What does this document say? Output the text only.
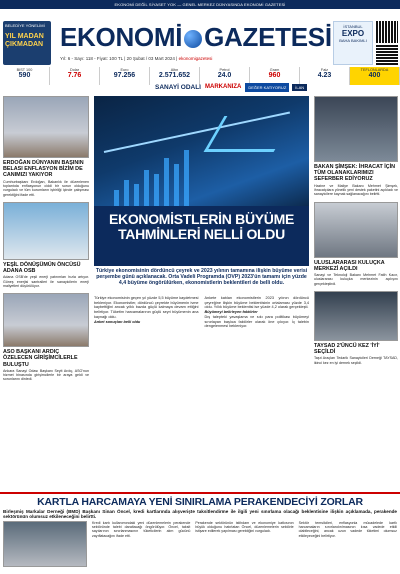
EKONOMİ DEĞİL SİYASET YOK — GENEL MERKEZ DÜNYASINDA EKONOMİ GAZETESİ
BELEDİYE YÖNELİMİ
YIL MADAN ÇIKMADAN EKONOMİ GAZETESİ
Yıl: 6 - Sayı: 118 - Fiyat: 100 TL | 20 Şubat / 03 Mart 2024 | ekonomigazetesi
İSTANBUL
EXPO
BAHA BAKIMLI
BIST 100
590
Dolar
7.76
Euro
97.256
Altın
2.571.652
Petrol
24.0
Gram
960
Faiz
4.23
TEFLONLARDA
400
SANAYİ ODALI MARKANIZA	DEĞER KATIYORUZ	İLAN
ERDOĞAN DÜNYANIN BAŞININ BELASI ENFLASYON BİZİM DE CANIMIZI YAKIYOR
Cumhurbaşkanı Erdoğan, Bakanlık ile düzenlenen toplantıda enflasyonun ciddi bir sorun olduğunu vurguladı ve tüm kurumların işbirliği içinde çalışması gerektiğini ifade etti.
YEŞİL DÖNÜŞÜMÜN ÖNCÜSÜ ADANA OSB
Adana OSB'de yeşil enerji yatırımları hızla artıyor. Güneş enerjisi santralleri ile sanayicilerin enerji maliyetleri düşürülüyor.
ASO BAŞKANI ARDIÇ ÖZELECEN GİRİŞİMCİLERLE BULUŞTU
Ankara Sanayi Odası Başkanı Seyit Ardıç, ASO'nun hizmet binasında girişimcilerle bir araya geldi ve sorunlarını dinledi.
EKONOMİSTLERİN BÜYÜME TAHMİNLERİ NELLİ OLDU
Türkiye ekonomisinin dördüncü çeyrek ve 2023 yılının tamamına ilişkin büyüme verisi perşembe günü açıklanacak. Orta Vadeli Programda (OVP) 2023'ün tamamı için yüzde 4,4 büyüme öngörülürken, ekonomistlerin beklentileri de belli oldu.
Türkiye ekonomisinin geçen yıl yüzde 5,5 büyüme kaydetmesi bekleniyor. Ekonomistler, dördüncü çeyrekte büyümenin ivme kaybettiğini ancak yıllık bazda güçlü kalmaya devam ettiğini belirtiyor. Tüketim harcamalarının güçlü seyri büyümenin ana kaynağı oldu.
Anket sonuçları belli oldu
Ankete katılan ekonomistlerin 2023 yılının dördüncü çeyreğine ilişkin büyüme beklentisinin ortalaması yüzde 3,4 oldu. Yıllık büyüme beklentisi ise yüzde 4,2 olarak gerçekleşti.
Büyümeyi belirleyen faktörler
Dış talepteki yavaşlama ve sıkı para politikası büyümeyi sınırlayan başlıca faktörler olarak öne çıkıyor. İç talebin dengelenmesi bekleniyor.
BAKAN ŞİMŞEK: İHRACAT İÇİN TÜM OLANAKLARIMIZI SEFERBER EDİYORUZ
Hazine ve Maliye Bakanı Mehmet Şimşek, ihracatçılara yönelik yeni destek paketini açıkladı ve sanayicilere kaynak sağlanacağını belirtti.
ULUSLARARASI KULUÇKA MERKEZİ AÇILDI
Sanayi ve Teknoloji Bakanı Mehmet Fatih Kacır, uluslararası kuluçka merkezinin açılışını gerçekleştirdi.
TAYSAD 2'ÜNCÜ KEZ 'İYİ' SEÇİLDİ
Taşıt Araçları Tedarik Sanayicileri Derneği TAYSAD, ikinci kez en iyi dernek seçildi.
KARTLA HARCAMAYA YENİ SINIRLAMA PERAKENDECİYİ ZORLAR
Birleşmiş Markalar Derneği (BMD) Başkanı Sinan Öncel, kredi kartlarında alışverişte taksitlendirme ile ilgili yeni sınırlama olacağı beklentisine ilişkin açıklamada, perakende sektörünün olumsuz etkileneceğini belirtti.
Kredi kartı kullanımındaki yeni düzenlemelerin perakende sektöründe talebi daraltacağı öngörülüyor. Öncel, taksit sayılarının sınırlanmasının tüketicilerin alım gücünü zayıflatacağını ifade etti.
Perakende sektörünün istihdam ve ekonomiye katkısının büyük olduğunu hatırlatan Öncel, düzenlemelerin sektörle istişare edilerek yapılması gerektiğini vurguladı.
Sektör temsilcileri, enflasyonla mücadelede kartlı harcamaların sınırlandırılmasının kısa vadede etkili olabileceğini, ancak uzun vadede tüketimi olumsuz etkileyeceğini belirtiyor.
